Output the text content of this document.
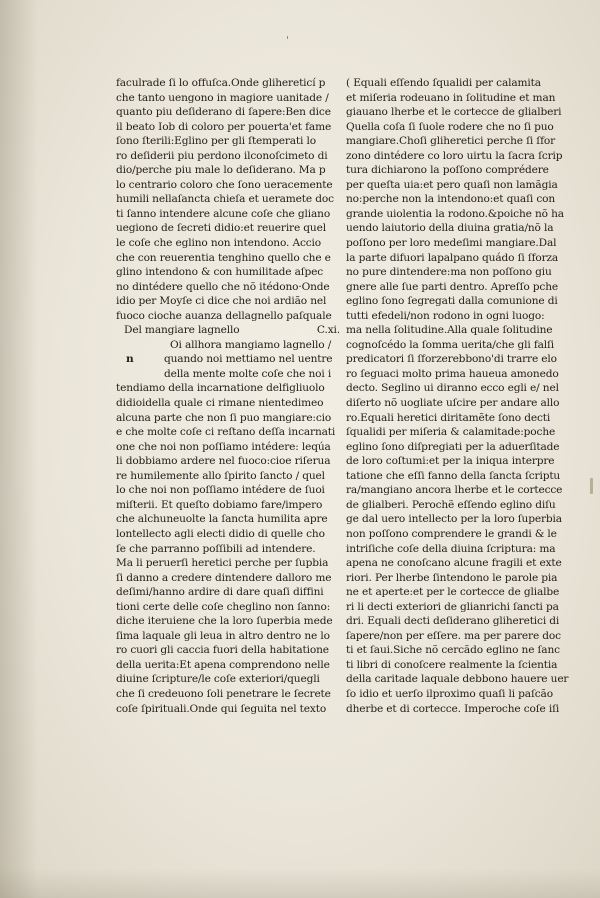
'
faculrade ſi lo offuſca.Onde glihereticí p
che tanto uengono in magiore uanitade /
quanto piu deſiderano di ſapere:Ben dice
il beato Iob di coloro per pouerta'et fame
ſono ſterili:Eglino per gli ſtemperati lo
ro deſiderii piu perdono ilconoſcimeto di
dio/perche piu male lo deſiderano. Ma p
lo centrario coloro che ſono ueracemente
humili nellaſancta chieſa et ueramete doc
ti ſanno intendere alcune coſe che gliano
uegiono de ſecreti didio:et reuerire quel
le coſe che eglino non intendono. Accio
che con reuerentia tenghino quello che e
glino intendono & con humilitade aſpec
no dintédere quello che nõ itédono·Onde
idio per Moyſe ci dice che noi ardião nel
fuoco cioche auanza dellagnello paſquale
Del mangiare lagnello	C.xi.
n
Oi allhora mangiamo lagnello /
quando noi mettiamo nel uentre
della mente molte coſe che noi i
tendiamo della incarnatione delfigliuolo
didioidella quale ci rimane nientedimeo
alcuna parte che non ſi puo mangiare:cio
e che molte coſe ci reſtano deſſa incarnati
one che noi non poſſiamo intédere: leqúa
li dobbiamo ardere nel fuoco:cioe riſerua
re humilemente allo ſpirito ſancto / quel
lo che noi non poſſiamo intédere de ſuoi
miſterii. Et queſto dobiamo fare/impero
che alchuneuolte la ſancta humilita apre
lontellecto agli electi didio di quelle cho
ſe che parranno poſſibili ad intendere.
Ma li peruerſi heretici perche per ſupbia
ſi danno a credere dintendere dalloro me
deſimi/hanno ardire di dare quaſi diffini
tioni certe delle coſe cheglino non ſanno:
diche iteruiene che la loro ſuperbia mede
ſima laquale gli leua in altro dentro ne lo
ro cuori gli caccia fuori della habitatione
della uerita:Et apena comprendono nelle
diuine ſcripture/le coſe exteriori/quegli
che ſi credeuono ſoli penetrare le ſecrete
coſe ſpirituali.Onde qui ſeguita nel texto
( Equali eſſendo ſqualidi per calamita
et miſeria rodeuano in ſolitudine et man
giauano lherbe et le cortecce de glialberi
Quella coſa ſi ſuole rodere che no ſi puo
mangiare.Choſi gliheretici perche ſi ſfor
zono dintédere co loro uirtu la ſacra ſcrip
tura dichiarono la poſſono comprédere
per queſta uia:et pero quaſi non lamãgia
no:perche non la intendono:et quaſi con
grande uiolentia la rodono.&poiche nõ ha
uendo laiutorio della diuina gratia/nõ la
poſſono per loro medeſimi mangiare.Dal
la parte difuori lapalpano quádo ſi ſforza
no pure dintendere:ma non poſſono giu
gnere alle ſue parti dentro. Apreſſo pche
eglino ſono ſegregati dalla comunione di
tutti efedeli/non rodono in ogni luogo:
ma nella ſolitudine.Alla quale ſolitudine
cognoſcédo la ſomma uerita/che gli falſi
predicatori ſi ſforzerebbono'di trarre elo
ro ſeguaci molto prima haueua amonedo
decto. Seglino ui diranno ecco egli e/ nel
diſerto nõ uogliate uſcire per andare allo
ro.Equali heretici diritamẽte ſono decti
ſqualidi per miſeria & calamitade:poche
eglino ſono diſpregiati per la aduerſitade
de loro coſtumi:et per la iniqua interpre
tatione che eſſi fanno della ſancta ſcriptu
ra/mangiano ancora lherbe et le cortecce
de glialberi. Perochẽ eſſendo eglino diſu
ge dal uero intellecto per la loro ſuperbia
non poſſono comprendere le grandi & le
intriſiche coſe della diuina ſcriptura: ma
apena ne conoſcano alcune fragili et exte
riori. Per lherbe ſintendono le parole pia
ne et aperte:et per le cortecce de glialbe
ri li decti exteriori de glianrichi ſancti pa
dri. Equali decti deſiderano gliheretici di
ſapere/non per eſſere. ma per parere doc
ti et ſaui.Siche nõ cercãdo eglino ne ſanc
ti libri di conoſcere realmente la ſcientia
della caritade laquale debbono hauere uer
ſo idio et uerſo ilproximo quaſi li paſcão
dherbe et di cortecce. Imperoche coſe iſi
